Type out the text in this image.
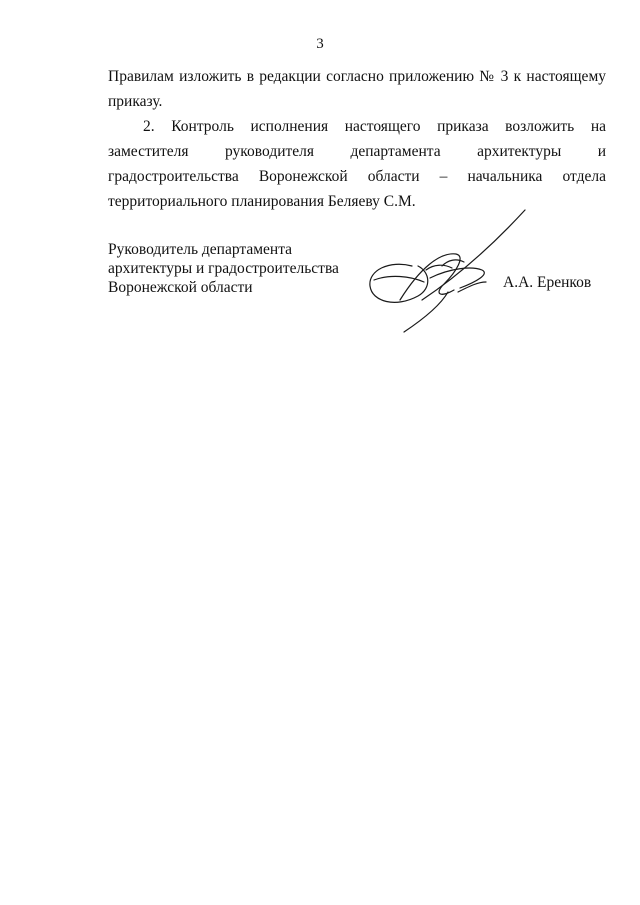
3

Правилам изложить в редакции согласно приложению № 3 к настоящему приказу.

2. Контроль исполнения настоящего приказа возложить на заместителя руководителя департамента архитектуры и градостроительства Воронежской области – начальника отдела территориального планирования Беляеву С.М.

Руководитель департамента
архитектуры и градостроительства
Воронежской области	А.А. Еренков
